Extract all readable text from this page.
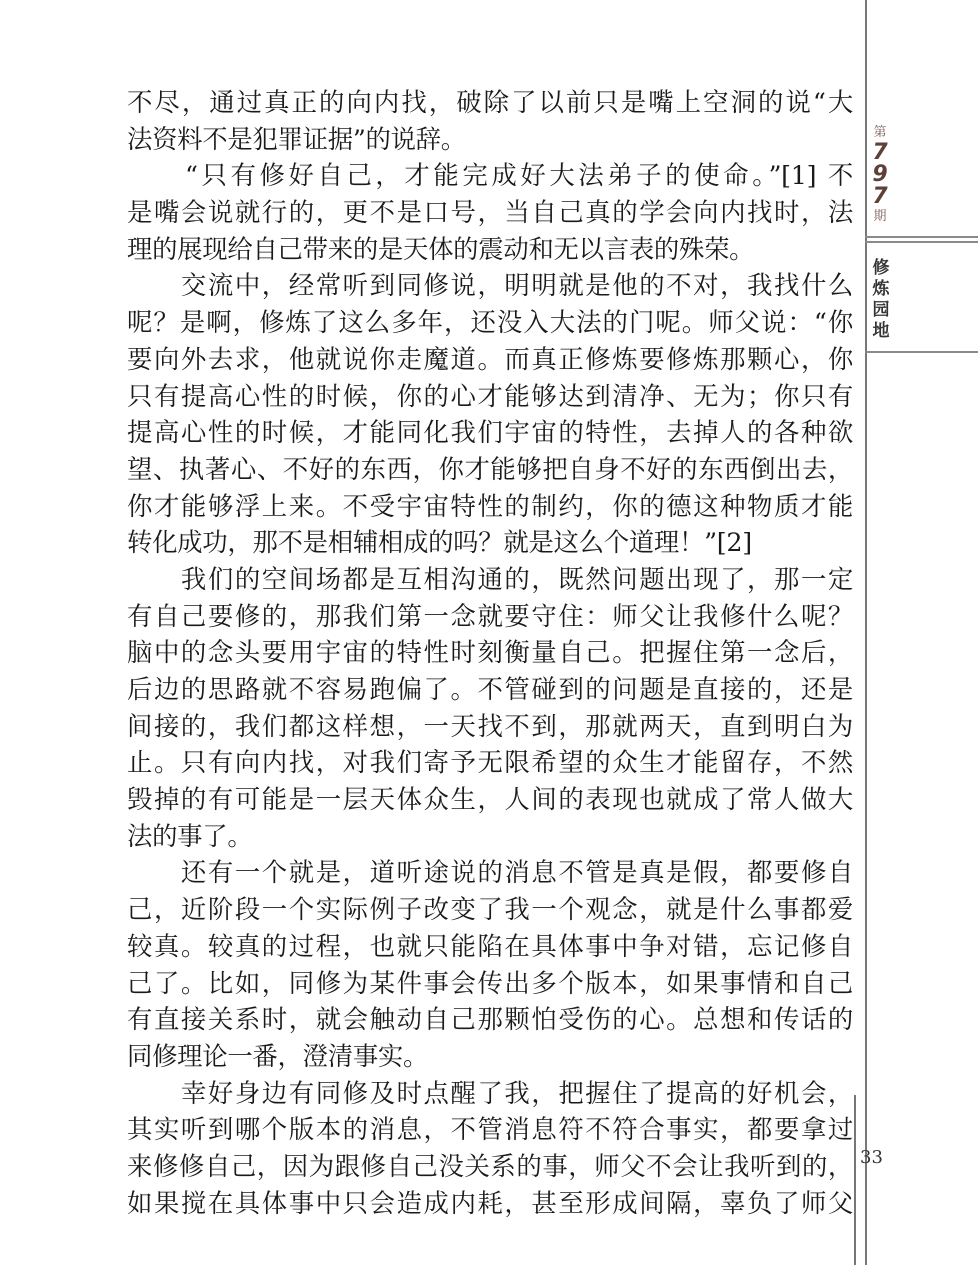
不尽，通过真正的向内找，破除了以前只是嘴上空洞的说“大
法资料不是犯罪证据”的说辞。
　　“只有修好自己，才能完成好大法弟子的使命。”[1] 不
是嘴会说就行的，更不是口号，当自己真的学会向内找时，法
理的展现给自己带来的是天体的震动和无以言表的殊荣。
　　交流中，经常听到同修说，明明就是他的不对，我找什么
呢？是啊，修炼了这么多年，还没入大法的门呢。师父说：“你
要向外去求，他就说你走魔道。而真正修炼要修炼那颗心，你
只有提高心性的时候，你的心才能够达到清净、无为；你只有
提高心性的时候，才能同化我们宇宙的特性，去掉人的各种欲
望、执著心、不好的东西，你才能够把自身不好的东西倒出去，
你才能够浮上来。不受宇宙特性的制约，你的德这种物质才能
转化成功，那不是相辅相成的吗？就是这么个道理！”[2]
　　我们的空间场都是互相沟通的，既然问题出现了，那一定
有自己要修的，那我们第一念就要守住：师父让我修什么呢？
脑中的念头要用宇宙的特性时刻衡量自己。把握住第一念后，
后边的思路就不容易跑偏了。不管碰到的问题是直接的，还是
间接的，我们都这样想，一天找不到，那就两天，直到明白为
止。只有向内找，对我们寄予无限希望的众生才能留存，不然
毁掉的有可能是一层天体众生，人间的表现也就成了常人做大
法的事了。
　　还有一个就是，道听途说的消息不管是真是假，都要修自
己，近阶段一个实际例子改变了我一个观念，就是什么事都爱
较真。较真的过程，也就只能陷在具体事中争对错，忘记修自
己了。比如，同修为某件事会传出多个版本，如果事情和自己
有直接关系时，就会触动自己那颗怕受伤的心。总想和传话的
同修理论一番，澄清事实。
　　幸好身边有同修及时点醒了我，把握住了提高的好机会，
其实听到哪个版本的消息，不管消息符不符合事实，都要拿过
来修修自己，因为跟修自己没关系的事，师父不会让我听到的，
如果搅在具体事中只会造成内耗，甚至形成间隔，辜负了师父
第
7
9
7
期
修
炼
园
地
33
